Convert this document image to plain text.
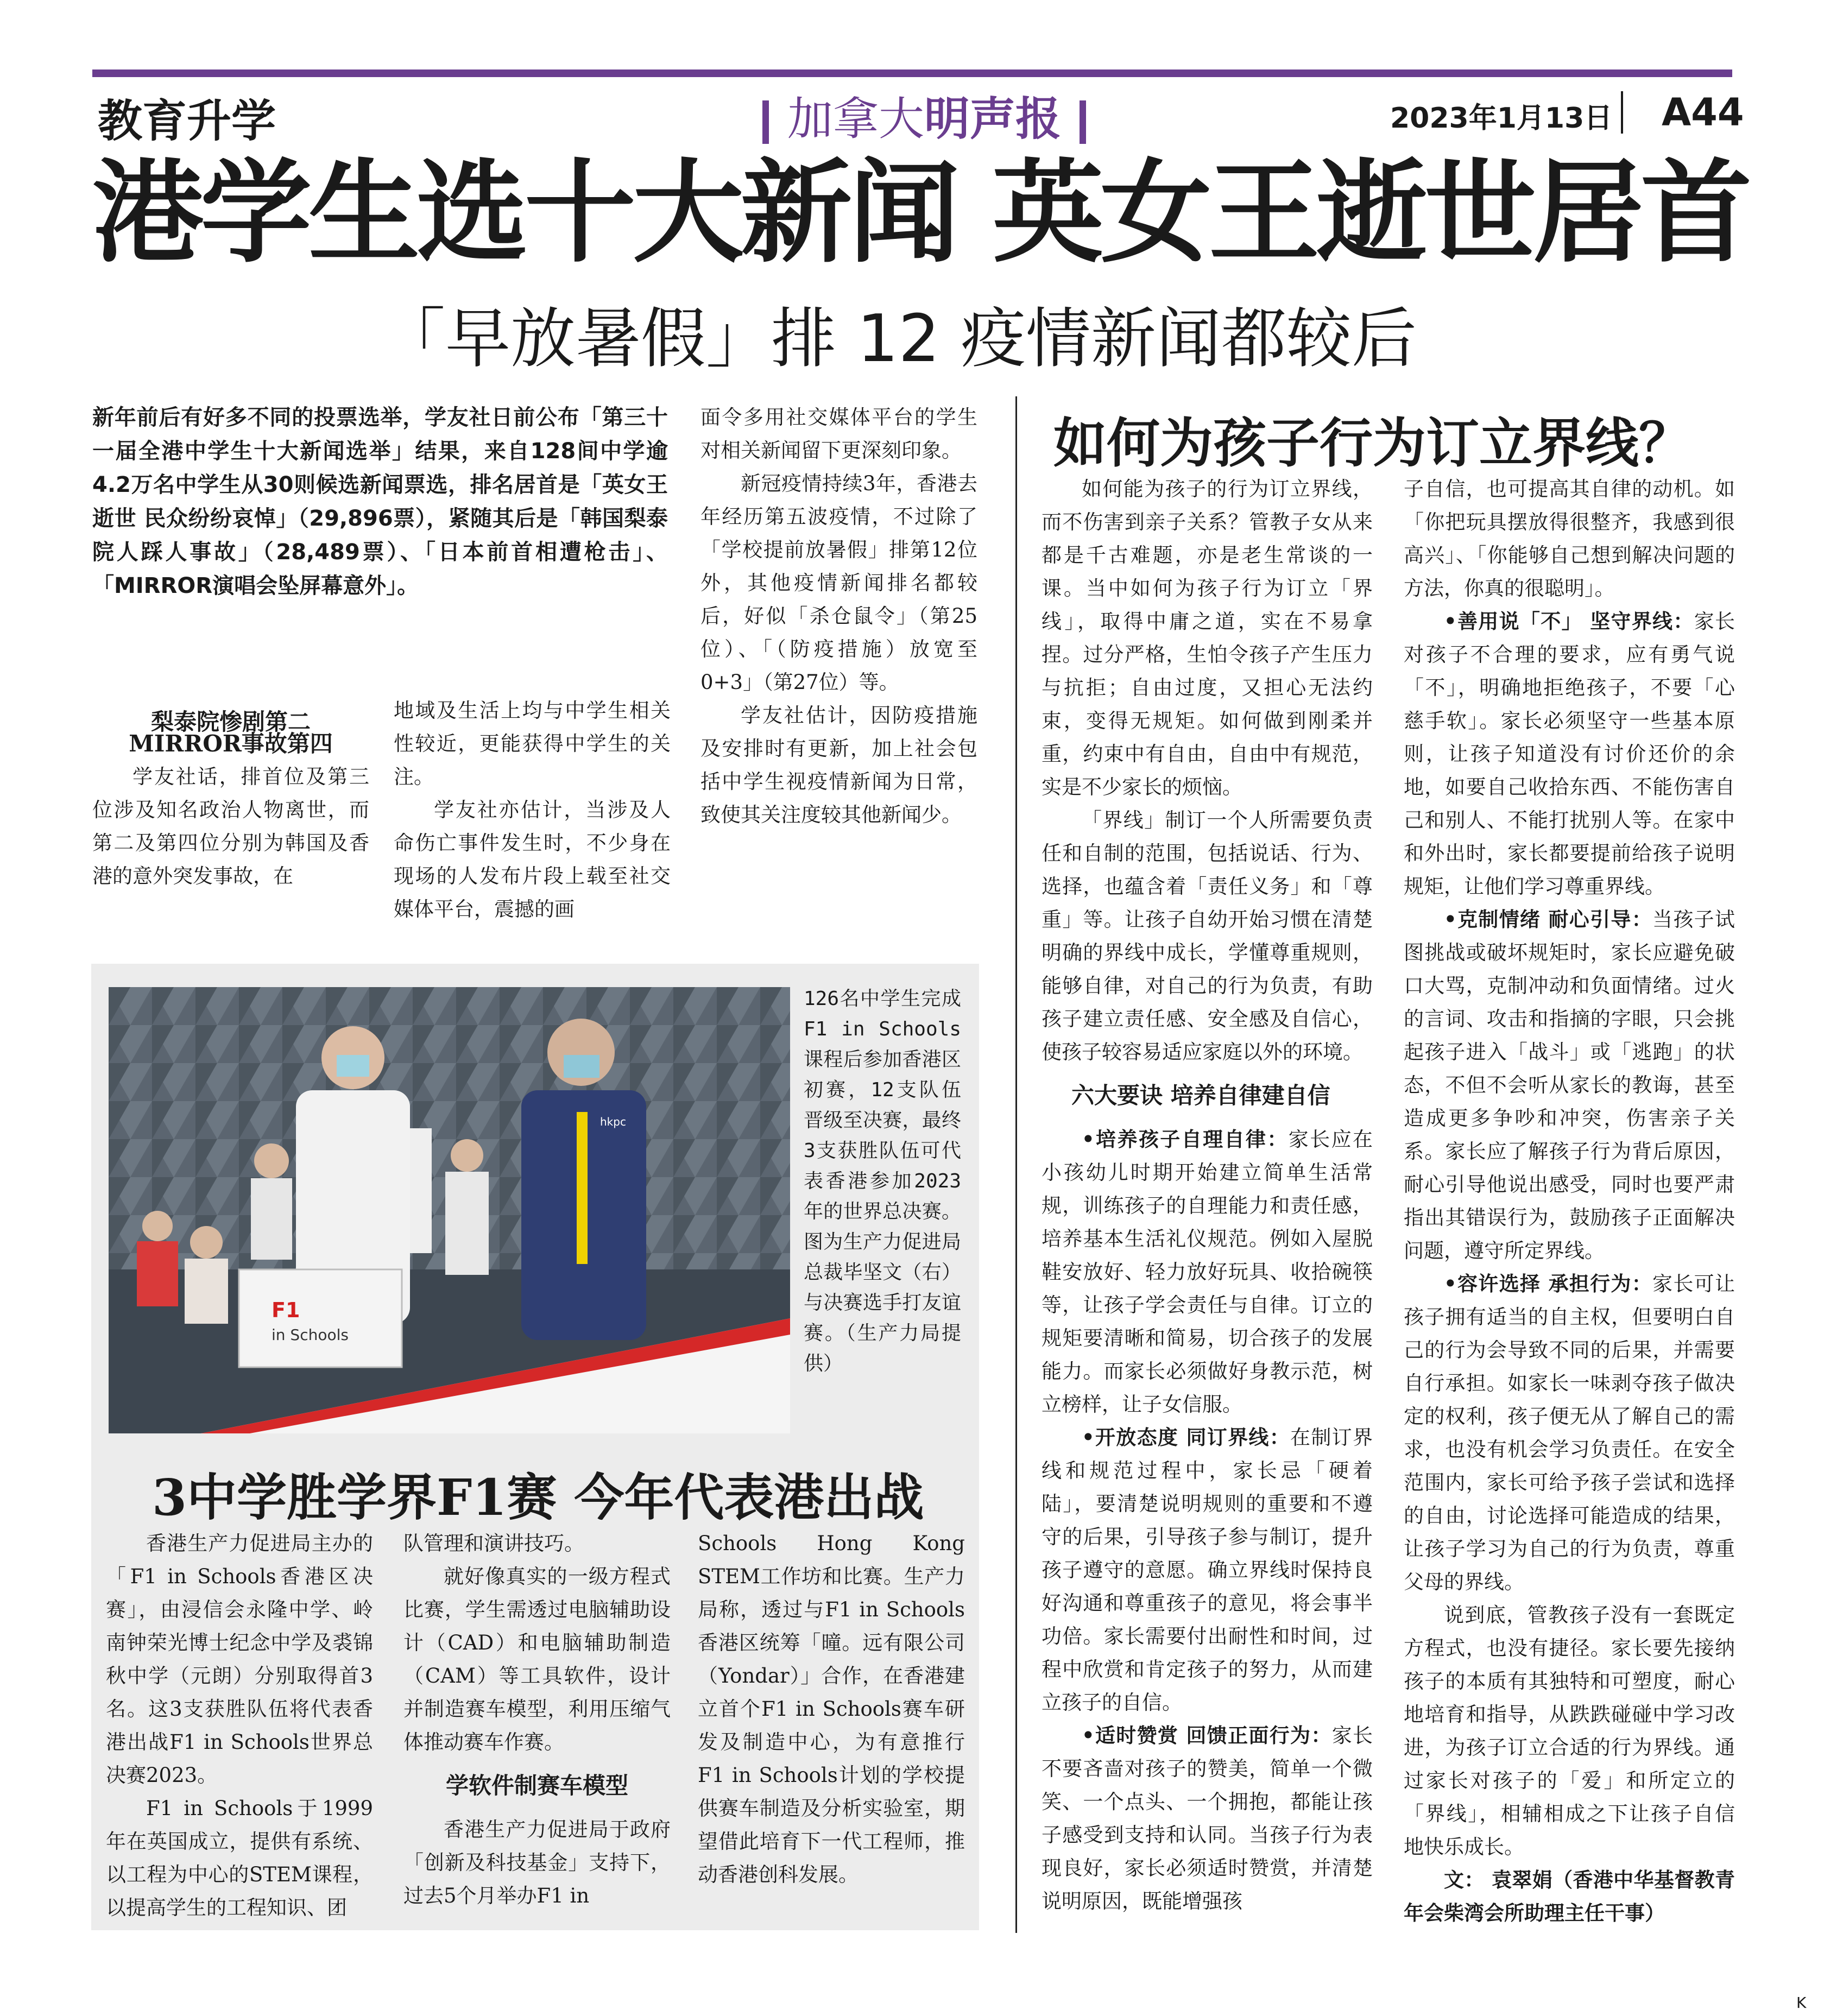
教育升学	加拿大明声报	2023年1月13日 A44
港学生选十大新闻 英女王逝世居首
「早放暑假」排 12 疫情新闻都较后

新年前后有好多不同的投票选举，学友社日前公布「第三十一届全港中学生十大新闻选举」结果，来自128间中学逾4.2万名中学生从30则候选新闻票选，排名居首是「英女王逝世 民众纷纷哀悼」（29,896票），紧随其后是「韩国梨泰院人踩人事故」（28,489票）、「日本前首相遭枪击」、「MIRROR演唱会坠屏幕意外」。

梨泰院惨剧第二

MIRROR事故第四

学友社话，排首位及第三位涉及知名政治人物离世，而第二及第四位分别为韩国及香港的意外突发事故，在

地域及生活上均与中学生相关性较近，更能获得中学生的关注。

学友社亦估计，当涉及人命伤亡事件发生时，不少身在现场的人发布片段上载至社交媒体平台，震撼的画

面令多用社交媒体平台的学生对相关新闻留下更深刻印象。

新冠疫情持续3年，香港去年经历第五波疫情，不过除了「学校提前放暑假」排第12位外，其他疫情新闻排名都较后，好似「杀仓鼠令」（第25位）、「（防疫措施）放宽至0+3」（第27位）等。

学友社估计，因防疫措施及安排时有更新，加上社会包括中学生视疫情新闻为日常，致使其关注度较其他新闻少。

hkpc
F1
in Schools
126名中学生完成F1 in Schools课程后参加香港区初赛，12支队伍晋级至决赛，最终3支获胜队伍可代表香港参加2023年的世界总决赛。图为生产力促进局总裁毕坚文（右）与决赛选手打友谊赛。（生产力局提供）
3中学胜学界F1赛 今年代表港出战

香港生产力促进局主办的「F1 in Schools香港区决赛」，由浸信会永隆中学、岭南钟荣光博士纪念中学及裘锦秋中学（元朗）分别取得首3名。这3支获胜队伍将代表香港出战F1 in Schools世界总决赛2023。

F1 in Schools于1999年在英国成立，提供有系统、以工程为中心的STEM课程，以提高学生的工程知识、团

队管理和演讲技巧。

就好像真实的一级方程式比赛，学生需透过电脑辅助设计（CAD）和电脑辅助制造（CAM）等工具软件，设计并制造赛车模型，利用压缩气体推动赛车作赛。

学软件制赛车模型

香港生产力促进局于政府「创新及科技基金」支持下，过去5个月举办F1 in

Schools Hong Kong STEM工作坊和比赛。生产力局称，透过与F1 in Schools香港区统筹「曈。远有限公司（Yondar）」合作，在香港建立首个F1 in Schools赛车研发及制造中心，为有意推行F1 in Schools计划的学校提供赛车制造及分析实验室，期望借此培育下一代工程师，推动香港创科发展。

如何为孩子行为订立界线？

如何能为孩子的行为订立界线，而不伤害到亲子关系？管教子女从来都是千古难题，亦是老生常谈的一课。当中如何为孩子行为订立「界线」，取得中庸之道，实在不易拿捏。过分严格，生怕令孩子产生压力与抗拒；自由过度，又担心无法约束，变得无规矩。如何做到刚柔并重，约束中有自由，自由中有规范，实是不少家长的烦恼。

「界线」制订一个人所需要负责任和自制的范围，包括说话、行为、选择，也蕴含着「责任义务」和「尊重」等。让孩子自幼开始习惯在清楚明确的界线中成长，学懂尊重规则，能够自律，对自己的行为负责，有助孩子建立责任感、安全感及自信心，使孩子较容易适应家庭以外的环境。

六大要诀 培养自律建自信

•培养孩子自理自律：家长应在小孩幼儿时期开始建立简单生活常规，训练孩子的自理能力和责任感，培养基本生活礼仪规范。例如入屋脱鞋安放好、轻力放好玩具、收拾碗筷等，让孩子学会责任与自律。订立的规矩要清晰和简易，切合孩子的发展能力。而家长必须做好身教示范，树立榜样，让子女信服。

•开放态度 同订界线：在制订界线和规范过程中，家长忌「硬着陆」，要清楚说明规则的重要和不遵守的后果，引导孩子参与制订，提升孩子遵守的意愿。确立界线时保持良好沟通和尊重孩子的意见，将会事半功倍。家长需要付出耐性和时间，过程中欣赏和肯定孩子的努力，从而建立孩子的自信。

•适时赞赏 回馈正面行为：家长不要吝啬对孩子的赞美，简单一个微笑、一个点头、一个拥抱，都能让孩子感受到支持和认同。当孩子行为表现良好，家长必须适时赞赏，并清楚说明原因，既能增强孩

子自信，也可提高其自律的动机。如「你把玩具摆放得很整齐，我感到很高兴」、「你能够自己想到解决问题的方法，你真的很聪明」。

•善用说「不」 坚守界线：家长对孩子不合理的要求，应有勇气说「不」，明确地拒绝孩子，不要「心慈手软」。家长必须坚守一些基本原则，让孩子知道没有讨价还价的余地，如要自己收拾东西、不能伤害自己和别人、不能打扰别人等。在家中和外出时，家长都要提前给孩子说明规矩，让他们学习尊重界线。

•克制情绪 耐心引导：当孩子试图挑战或破坏规矩时，家长应避免破口大骂，克制冲动和负面情绪。过火的言词、攻击和指摘的字眼，只会挑起孩子进入「战斗」或「逃跑」的状态，不但不会听从家长的教诲，甚至造成更多争吵和冲突，伤害亲子关系。家长应了解孩子行为背后原因，耐心引导他说出感受，同时也要严肃指出其错误行为，鼓励孩子正面解决问题，遵守所定界线。

•容许选择 承担行为：家长可让孩子拥有适当的自主权，但要明白自己的行为会导致不同的后果，并需要自行承担。如家长一味剥夺孩子做决定的权利，孩子便无从了解自己的需求，也没有机会学习负责任。在安全范围内，家长可给予孩子尝试和选择的自由，讨论选择可能造成的结果，让孩子学习为自己的行为负责，尊重父母的界线。

说到底，管教孩子没有一套既定方程式，也没有捷径。家长要先接纳孩子的本质有其独特和可塑度，耐心地培育和指导，从跌跌碰碰中学习改进，为孩子订立合适的行为界线。通过家长对孩子的「爱」和所定立的「界线」，相辅相成之下让孩子自信地快乐成长。

文： 袁翠娟（香港中华基督教青年会柴湾会所助理主任干事）

K
